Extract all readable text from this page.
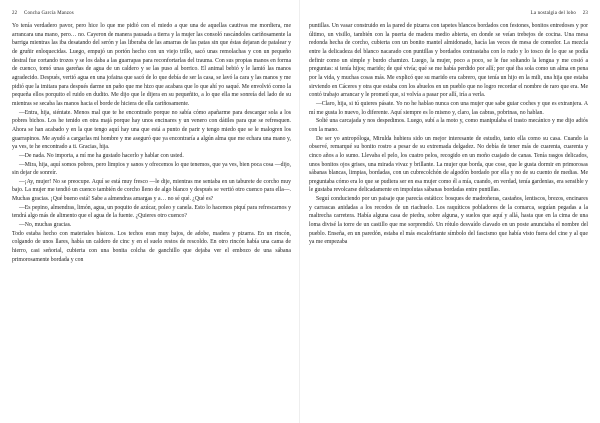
22 Concha García Manzos

Yo tenía verdadero pavor, pero hice lo que me pidió con el miedo a que una de aquellas cautivas me mordiera, me arrancara una mano, pero… no. Cayeron de manera pausada a tierra y la mujer las consoló rascándoles cariñosamente la barriga mientras las iba desatando del serón y las liberaba de las amarras de las patas sin que éstas dejaran de patalear y de gruñir enloquecidas. Luego, empujó un portón hecho con un viejo trillo, sacó unas remolachas y con un pequeño destral fue cortando trozos y se los daba a las guarrapas para reconfortarlas del trauma. Con sus propias manos en forma de cuenco, tomó unas gareñas de agua de un caldero y se las puso al borrico. El animal bebió y le lamió las manos agradecido. Después, vertió agua en una jofaina que sacó de lo que debía de ser la casa, se lavó la cara y las manos y me pidió que la imitara para después darme un paño que me hizo que acabara que lo que ahí yo saqué. Me envolvió como la pequeña ellos porquito el ruido en dudito. Me dijo que le dijera en su pequeñito, a lo que ella me sonreía del lado de su mientras se secaba las manos hacia el borde de hiciera de ella cariñosamente.

—Entra, hija, siéntate. Menos mal que te he encontrado porque no sabía cómo apañarme para descargar sola a los pobres bichos. Los he tenido en otra majá porque hay unos encinares y un venero con dátiles para que se refresquen. Ahora se han acabado y en la que tengo aquí hay una que está a punto de parir y tengo miedo que se le malogren los guarrapinos. Me ayudó a cargarlas mi hombre y me aseguró que ya encontraría a algún alma que me echara una mano y, ya ves, te he encontrado a ti. Gracias, hija.

—De nada. No importa, a mí me ha gustado hacerlo y hablar con usted.

—Mira, hija, aquí somos pobres, pero limpios y sanos y ofrecemos lo que tenemos, que ya ves, bien poca cosa —dijo, sin dejar de sonreír.

—¡Ay, mujer! No se preocupe. Aquí se está muy fresco —le dije, mientras me sentaba en un taburete de corcho muy bajo. La mujer me tendió un cuenco también de corcho lleno de algo blanco y después se vertió otro cuenco para ella—. Muchas gracias. ¡Qué bueno está! Sabe a almendras amargas y a… no sé qué. ¿Qué es?

—Es pepino, almendras, limón, agua, un poquito de azúcar, poleo y canela. Esto lo hacemos piquí para refrescarnos y tendrá algo más de alimento que el agua de la fuente. ¿Quieres otro cuenco?

—No, muchas gracias.

Todo estaba hecho con materiales básicos. Los techos eran muy bajos, de adobe, madera y pizarra. En un rincón, colgando de unos llares, había un caldero de cinc y en el suelo restos de rescoldo. En otro rincón había una cama de hierro, casi señorial, cubierta con una bonita colcha de ganchillo que dejaba ver el embozo de una sábana primorosamente bordada y con

La nostalgia del lobo 23

puntillas. Un vasar construido en la pared de pizarra con tapetes blancos bordados con festones, bonitos entredoses y por último, un visillo, también con la puerta de madera medio abierta, en donde se veían trebejos de cocina. Una mesa redonda hecha de corcho, cubierta con un bonito mantel almidonado, hacía las veces de mesa de comedor. La mezcla entre la delicadeza del blanco nacarado con puntillas y bordados contrastaba con lo rudo y lo tosco de lo que se podía definir como un simple y burdo chamizo. Luego, la mujer, poco a poco, se le fue soltando la lengua y me cosió a preguntas: si tenía hijos; marido; de qué vivía; qué se me había perdido por allí; por qué iba sola como un alma en pena por la vida, y muchas cosas más. Me explicó que su marido era cabrero, que tenía un hijo en la mili, una hija que estaba sirviendo en Cáceres y otra que estaba con los abuelos en un pueblo que no logro recordar el nombre de raro que era. Me contó trabajo arrancar y le prometí que, si volvía a pasar por allí, iría a verla.

—Claro, hija, si tú quieres pásate. Yo no he hablao nunca con una mujer que sabe guiar coches y que es extranjera. A mí me gusta lo nuevo, lo diferente. Aquí siempre es lo mismo y, claro, las cabras, pobrinas, no hablan.

Solté una carcajada y nos despedimos. Luego, subí a la moto y, como manipulaba el trasto mecánico y me dijo adiós con la mano.

De ser yo antropóloga, Mirulda hubiera sido un mejor interesante de estudio, tanto ella como su casa. Cuando la observé, remarqué su bonito rostro a pesar de su extremada delgadez. No debía de tener más de cuarenta, cuarenta y cinco años a lo sumo. Llevaba el pelo, los cuatro pelos, recogido en un moño cuajado de canas. Tenía rasgos delicados, unos bonitos ojos grises, una mirada vivaz y brillante. La mujer que borda, que cose, que le gusta dormir en primorosas sábanas blancas, limpias, bordadas, con un cubrecolchón de algodón bordado por ella y no de su cuento de medias. Me preguntaba cómo era lo que se pudiera ser en esa mujer como él a mía, cuando, en verdad, tenía gardenias, era sensible y le gustaba revolcarse delicadamente en impolutas sábanas bordadas entre puntillas.

Seguí conduciendo por un paisaje que parecía estático: bosques de madroñeras, castaños, lentiscos, brezos, encinares y carrascas anidadas a los recodos de un riachuelo. Los raquíticos pobladores de la comarca, seguían pegadas a la maltrecha carretera. Había alguna casa de piedra, sobre alguna, y suelos que aquí y allá, hasta que en la cima de una loma divisé la torre de un castillo que me sorprendió. Un rótulo desvaído clavado en un poste anunciaba el nombre del pueblo. Enseña, en un paredón, estaba el más escalofriante símbolo del fascismo que había visto fuera del cine y al que ya me empezaba
